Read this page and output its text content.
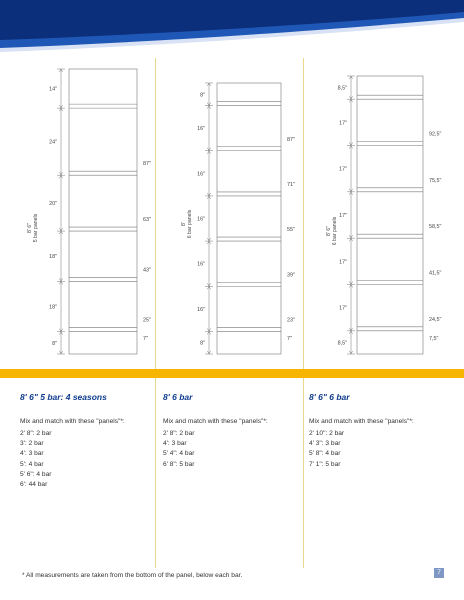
8"
18"
18"
20"
24"
14"
7"
25"
43"
63"
87"
8' 6" 5 bar panels
8"
16"
16"
16"
16"
16"
8"
7"
23"
39"
55"
71"
87"
8' 6 bar panels
8,5"
17"
17"
17"
17"
17"
8,5"
7,5"
24,5"
41,5"
58,5"
75,5"
92,5"
8' 6" 6 bar panels
8' 6" 5 bar: 4 seasons
Mix and match with these "panels"*:
2' 8": 2 bar
3': 2 bar
4': 3 bar
5': 4 bar
5' 6": 4 bar
6': 44 bar
8' 6 bar
Mix and match with these "panels"*:
2' 8": 2 bar
4': 3 bar
5' 4": 4 bar
6' 8": 5 bar
8' 6" 6 bar
Mix and match with these "panels"*:
2' 10": 2 bar
4' 3": 3 bar
5' 8": 4 bar
7' 1": 5 bar
* All measurements are taken from the bottom of the panel, below each bar.	7
